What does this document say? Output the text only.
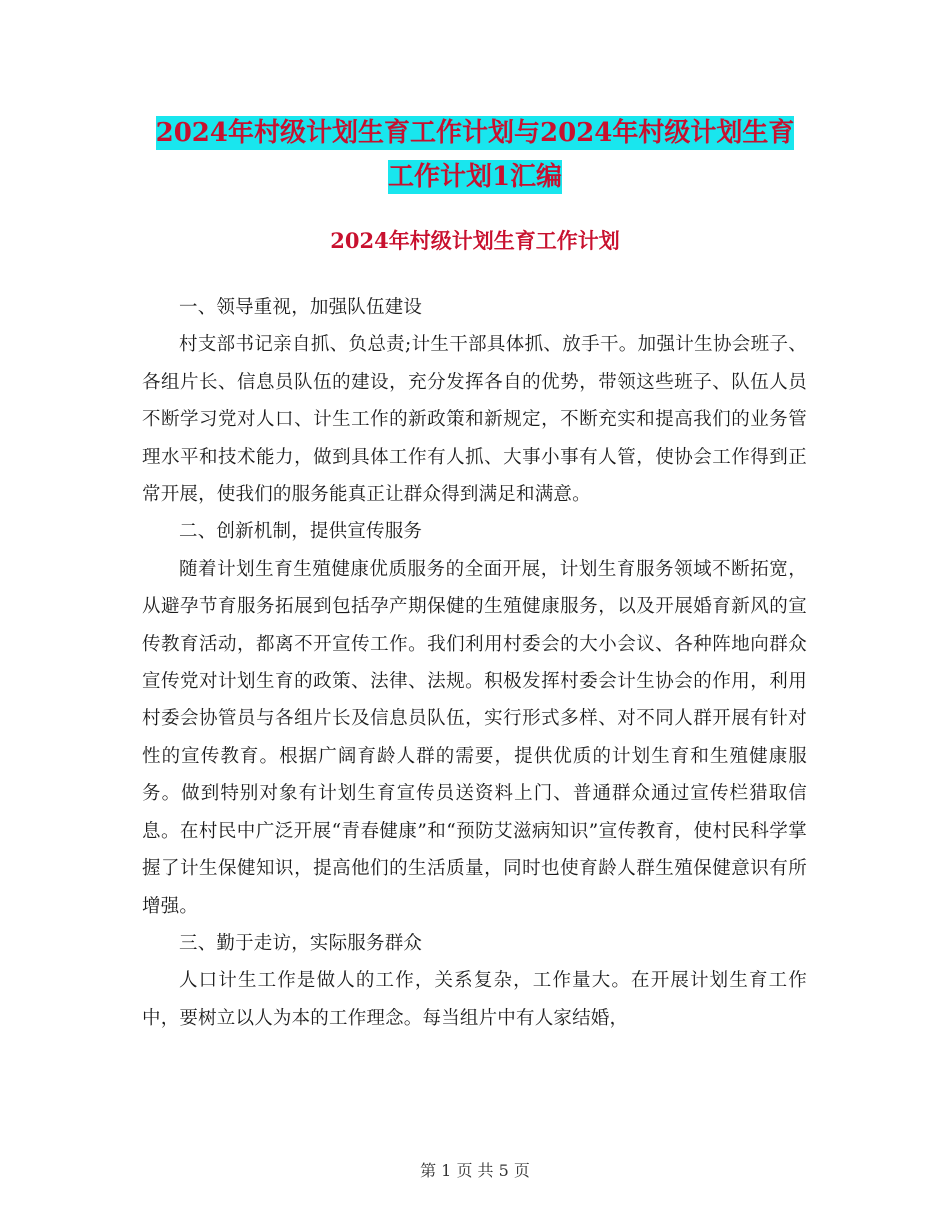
2024年村级计划生育工作计划与2024年村级计划生育
工作计划1汇编
2024年村级计划生育工作计划

一、领导重视，加强队伍建设

村支部书记亲自抓、负总责;计生干部具体抓、放手干。加强计生协会班子、各组片长、信息员队伍的建设，充分发挥各自的优势，带领这些班子、队伍人员不断学习党对人口、计生工作的新政策和新规定，不断充实和提高我们的业务管理水平和技术能力，做到具体工作有人抓、大事小事有人管，使协会工作得到正常开展，使我们的服务能真正让群众得到满足和满意。

二、创新机制，提供宣传服务

随着计划生育生殖健康优质服务的全面开展，计划生育服务领域不断拓宽，从避孕节育服务拓展到包括孕产期保健的生殖健康服务，以及开展婚育新风的宣传教育活动，都离不开宣传工作。我们利用村委会的大小会议、各种阵地向群众宣传党对计划生育的政策、法律、法规。积极发挥村委会计生协会的作用，利用村委会协管员与各组片长及信息员队伍，实行形式多样、对不同人群开展有针对性的宣传教育。根据广阔育龄人群的需要，提供优质的计划生育和生殖健康服务。做到特别对象有计划生育宣传员送资料上门、普通群众通过宣传栏猎取信息。在村民中广泛开展“青春健康”和“预防艾滋病知识”宣传教育，使村民科学掌握了计生保健知识，提高他们的生活质量，同时也使育龄人群生殖保健意识有所增强。

三、勤于走访，实际服务群众

人口计生工作是做人的工作，关系复杂，工作量大。在开展计划生育工作中，要树立以人为本的工作理念。每当组片中有人家结婚，

第 1 页 共 5 页
